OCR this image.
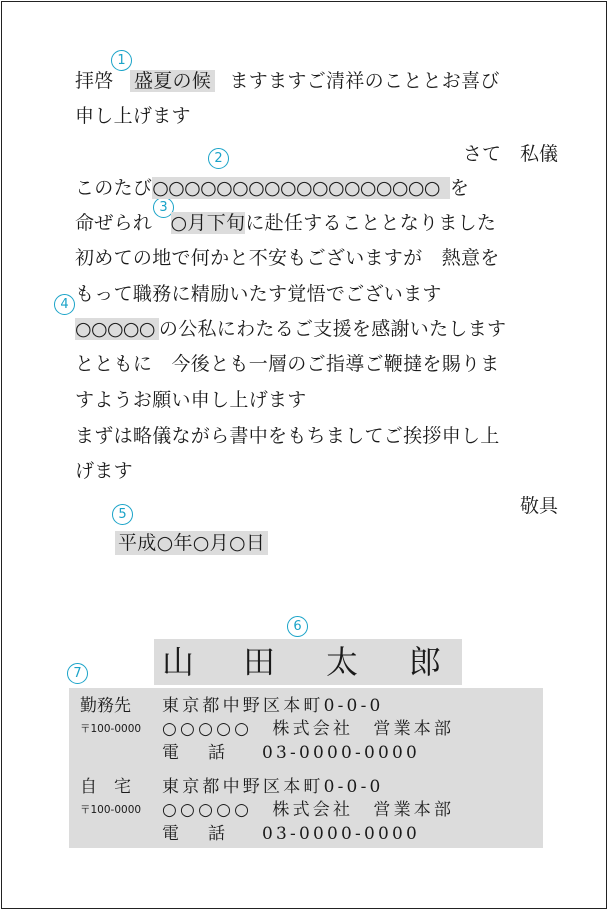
1
2
3
4
5
6
7
拝啓 盛夏の候 ますますご清祥のこととお喜び
申し上げます
さて　私儀
このたび○○○○○○○○○○○○○○○○○○ を
命ぜられ ○月下旬に赴任することとなりました
初めての地で何かと不安もございますが　熱意を
もって職務に精励いたす覚悟でございます
○○○○○ の公私にわたるご支援を感謝いたします
とともに　今後とも一層のご指導ご鞭撻を賜りま
すようお願い申し上げます
まずは略儀ながら書中をもちましてご挨拶申し上
げます
敬具
平成○年○月○日
山 田 太 郎
勤務先 東京都中野区本町0-0-0
〒100-0000 ○○○○○　株式会社　営業本部
電　話 03-0000-0000
自　宅 東京都中野区本町0-0-0
〒100-0000 ○○○○○　株式会社　営業本部
電　話 03-0000-0000
